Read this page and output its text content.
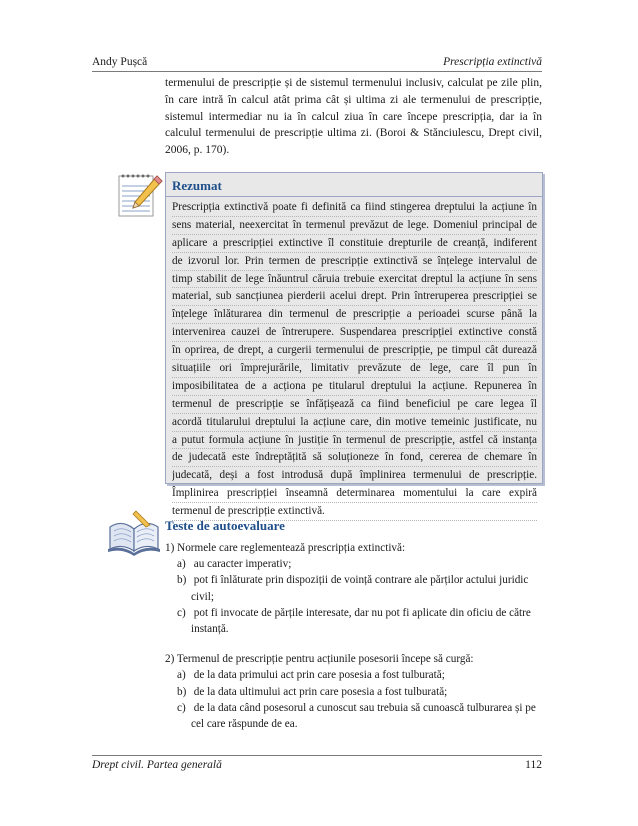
Andy Pușcă	Prescripția extinctivă

termenului de prescripție și de sistemul termenului inclusiv, calculat pe zile plin, în care intră în calcul atât prima cât și ultima zi ale termenului de prescripție, sistemul intermediar nu ia în calcul ziua în care începe prescripția, dar ia în calculul termenului de prescripție ultima zi. (Boroi & Stănciulescu, Drept civil, 2006, p. 170).

Rezumat
Prescripția extinctivă poate fi definită ca fiind stingerea dreptului la acțiune în
sens material, neexercitat în termenul prevăzut de lege. Domeniul principal de
aplicare a prescripției extinctive îl constituie drepturile de creanță, indiferent
de izvorul lor. Prin termen de prescripție extinctivă se înțelege intervalul de
timp stabilit de lege înăuntrul căruia trebuie exercitat dreptul la acțiune în sens
material, sub sancțiunea pierderii acelui drept. Prin întreruperea prescripției se
înțelege înlăturarea din termenul de prescripție a perioadei scurse până la
intervenirea cauzei de întrerupere. Suspendarea prescripției extinctive constă
în oprirea, de drept, a curgerii termenului de prescripție, pe timpul cât durează
situațiile ori împrejurările, limitativ prevăzute de lege, care îl pun în
imposibilitatea de a acționa pe titularul dreptului la acțiune. Repunerea în
termenul de prescripție se înfățișează ca fiind beneficiul pe care legea îl
acordă titularului dreptului la acțiune care, din motive temeinic justificate, nu
a putut formula acțiune în justiție în termenul de prescripție, astfel că instanța
de judecată este îndreptățită să soluționeze în fond, cererea de chemare în
judecată, deși a fost introdusă după împlinirea termenului de prescripție.
Împlinirea prescripției înseamnă determinarea momentului la care expiră
termenul de prescripție extinctivă.
Teste de autoevaluare
1) Normele care reglementează prescripția extinctivă:
a) au caracter imperativ;
b) pot fi înlăturate prin dispoziții de voință contrare ale părților actului juridic civil;
c) pot fi invocate de părțile interesate, dar nu pot fi aplicate din oficiu de către instanță.
2) Termenul de prescripție pentru acțiunile posesorii începe să curgă:
a) de la data primului act prin care posesia a fost tulburată;
b) de la data ultimului act prin care posesia a fost tulburată;
c) de la data când posesorul a cunoscut sau trebuia să cunoască tulburarea și pe cel care răspunde de ea.
Drept civil. Partea generală	112
